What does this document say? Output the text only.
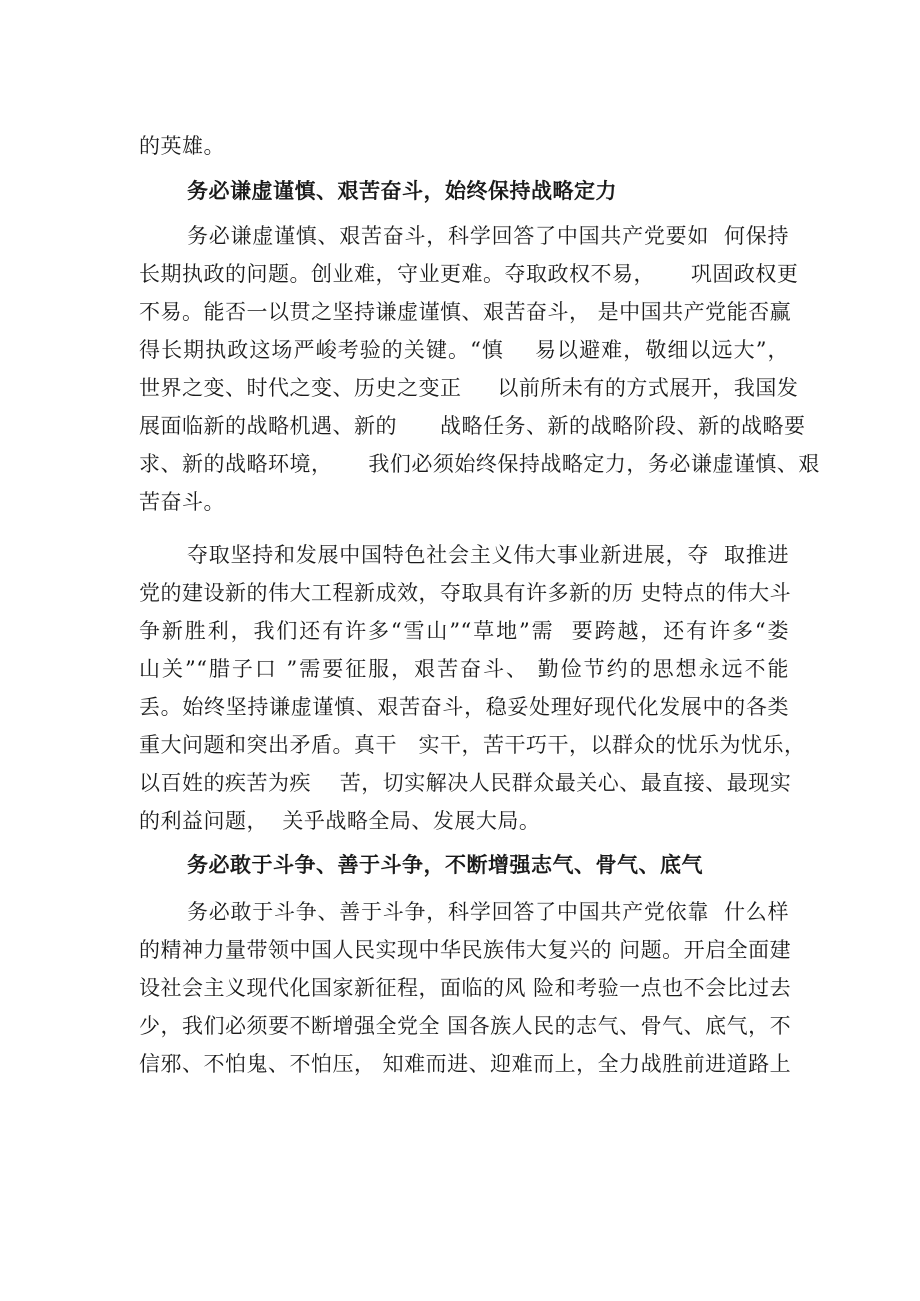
的英雄。
务必谦虚谨慎、艰苦奋斗，始终保持战略定力
务必谦虚谨慎、艰苦奋斗，科学回答了中国共产党要如  何保持
长期执政的问题。创业难，守业更难。夺取政权不易，     巩固政权更
不易。能否一以贯之坚持谦虚谨慎、艰苦奋斗， 是中国共产党能否赢
得长期执政这场严峻考验的关键。“慎    易以避难，敬细以远大”，
世界之变、时代之变、历史之变正     以前所未有的方式展开，我国发
展面临新的战略机遇、新的      战略任务、新的战略阶段、新的战略要
求、新的战略环境，     我们必须始终保持战略定力，务必谦虚谨慎、艰
苦奋斗。
夺取坚持和发展中国特色社会主义伟大事业新进展，夺  取推进
党的建设新的伟大工程新成效，夺取具有许多新的历 史特点的伟大斗
争新胜利，我们还有许多“雪山”“草地”需  要跨越，还有许多“娄
山关”“腊子口 ”需要征服，艰苦奋斗、 勤俭节约的思想永远不能
丢。始终坚持谦虚谨慎、艰苦奋斗，稳妥处理好现代化发展中的各类
重大问题和突出矛盾。真干   实干，苦干巧干，以群众的忧乐为忧乐，
以百姓的疾苦为疾    苦，切实解决人民群众最关心、最直接、最现实
的利益问题，  关乎战略全局、发展大局。
务必敢于斗争、善于斗争，不断增强志气、骨气、底气
务必敢于斗争、善于斗争，科学回答了中国共产党依靠  什么样
的精神力量带领中国人民实现中华民族伟大复兴的 问题。开启全面建
设社会主义现代化国家新征程，面临的风 险和考验一点也不会比过去
少，我们必须要不断增强全党全 国各族人民的志气、骨气、底气，不
信邪、不怕鬼、不怕压， 知难而进、迎难而上，全力战胜前进道路上
